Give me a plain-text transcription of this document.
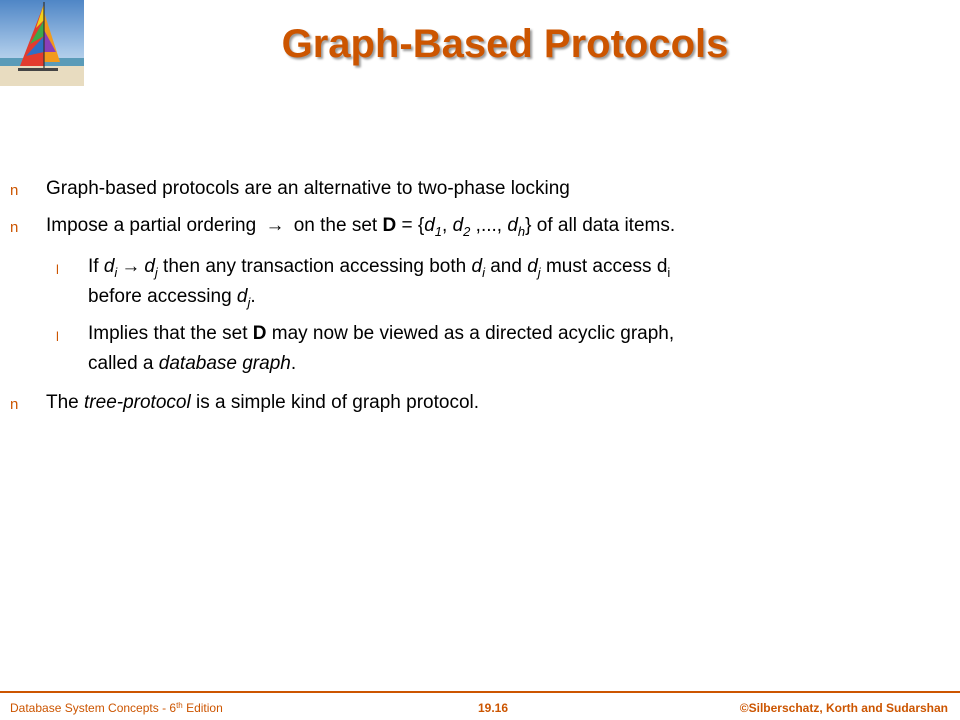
Graph-Based Protocols
n Graph-based protocols are an alternative to two-phase locking
n Impose a partial ordering → on the set $D = \{d_1$, $d_2$ ,..., $d_h$} of all data items.
l If $d_i \to d_j$ then any transaction accessing both $d_i$ and $d_j$ must access $d_i$
before accessing $d_j$.
l Implies that the set D may now be viewed as a directed acyclic graph,
called a database graph.
n The tree-protocol is a simple kind of graph protocol.
Database System Concepts - 6th Edition	19.16	©Silberschatz, Korth and Sudarshan
